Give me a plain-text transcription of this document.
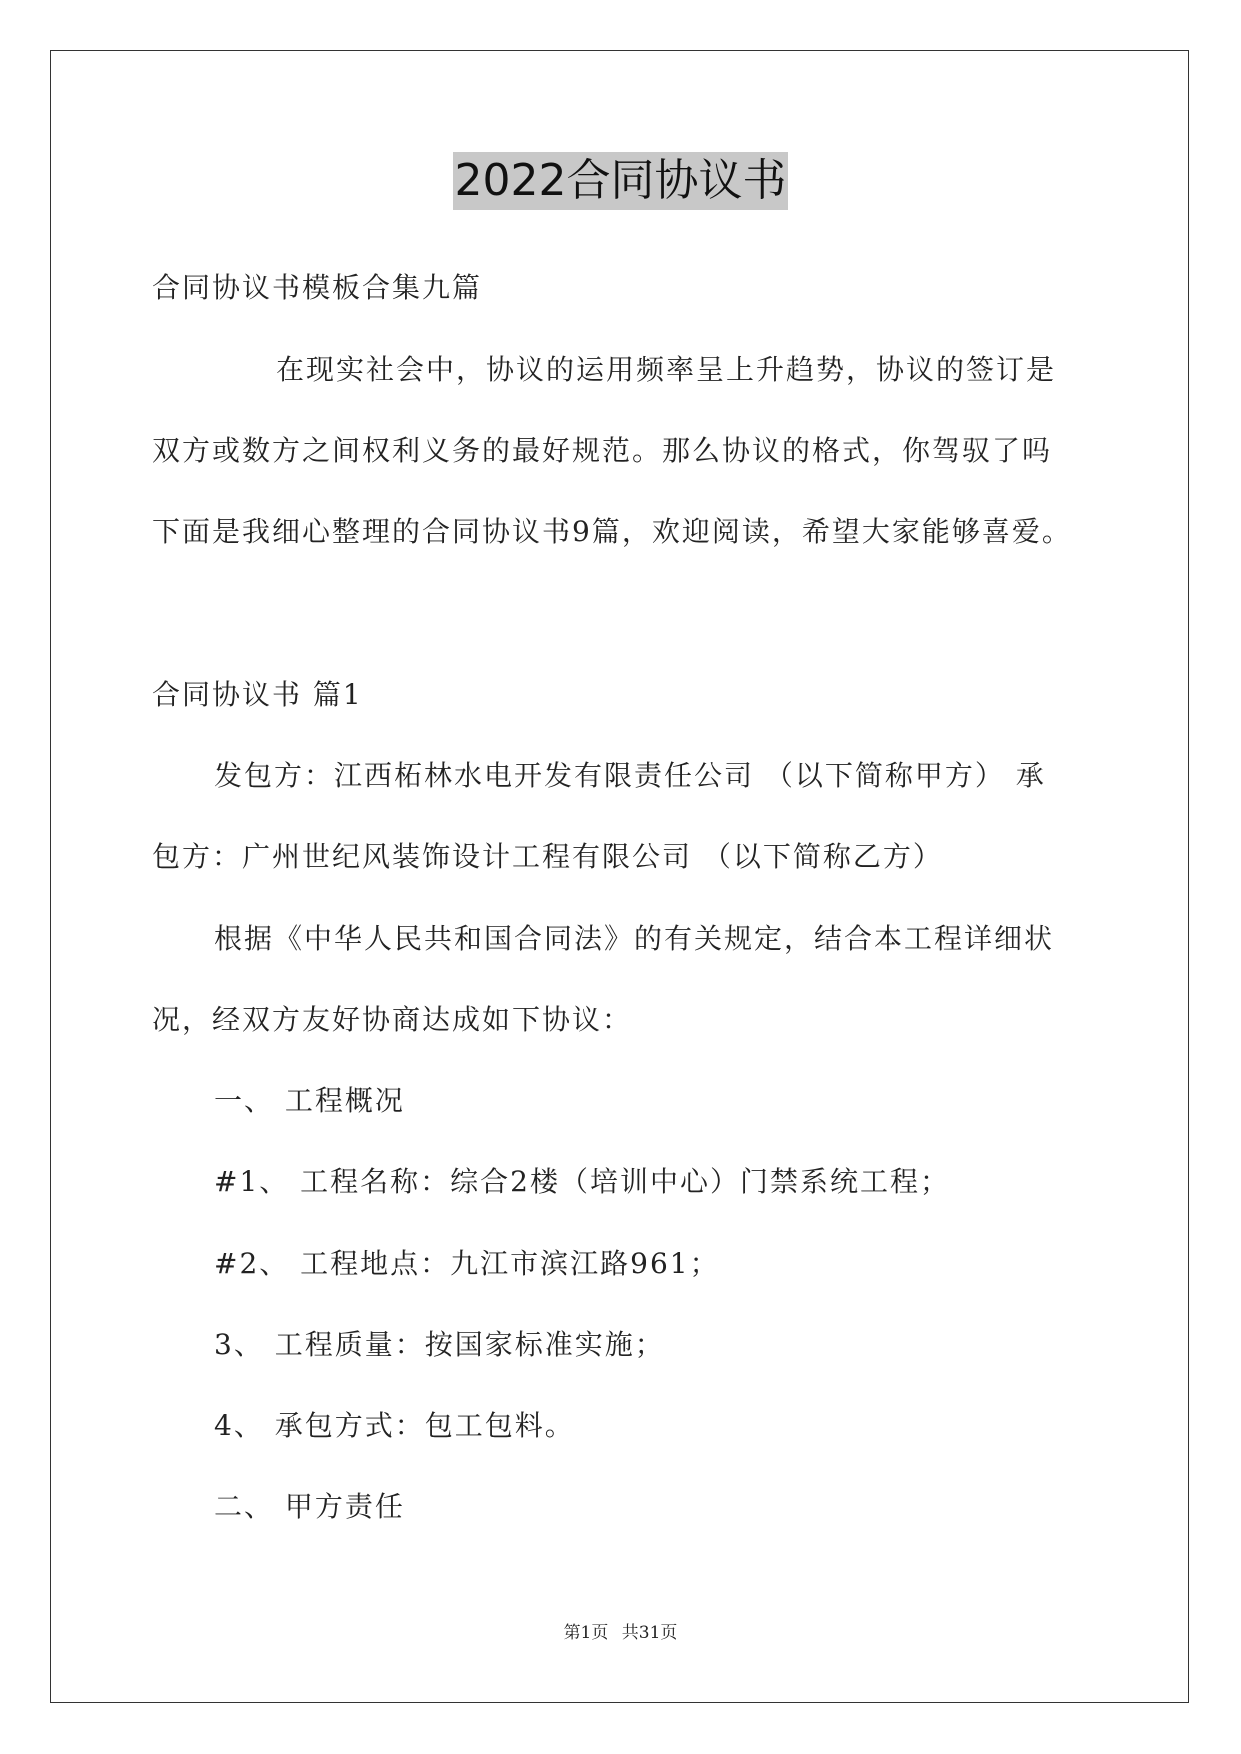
2022合同协议书
合同协议书模板合集九篇
在现实社会中，协议的运用频率呈上升趋势，协议的签订是
双方或数方之间权利义务的最好规范。那么协议的格式，你驾驭了吗
下面是我细心整理的合同协议书9篇，欢迎阅读，希望大家能够喜爱。
合同协议书 篇1
发包方：江西柘林水电开发有限责任公司 （以下简称甲方） 承
包方：广州世纪风装饰设计工程有限公司 （以下简称乙方）
根据《中华人民共和国合同法》的有关规定，结合本工程详细状
况，经双方友好协商达成如下协议：
一、 工程概况
#1、 工程名称：综合2楼（培训中心）门禁系统工程；
#2、 工程地点：九江市滨江路961；
3、 工程质量：按国家标准实施；
4、 承包方式：包工包料。
二、 甲方责任
第1页 共31页
